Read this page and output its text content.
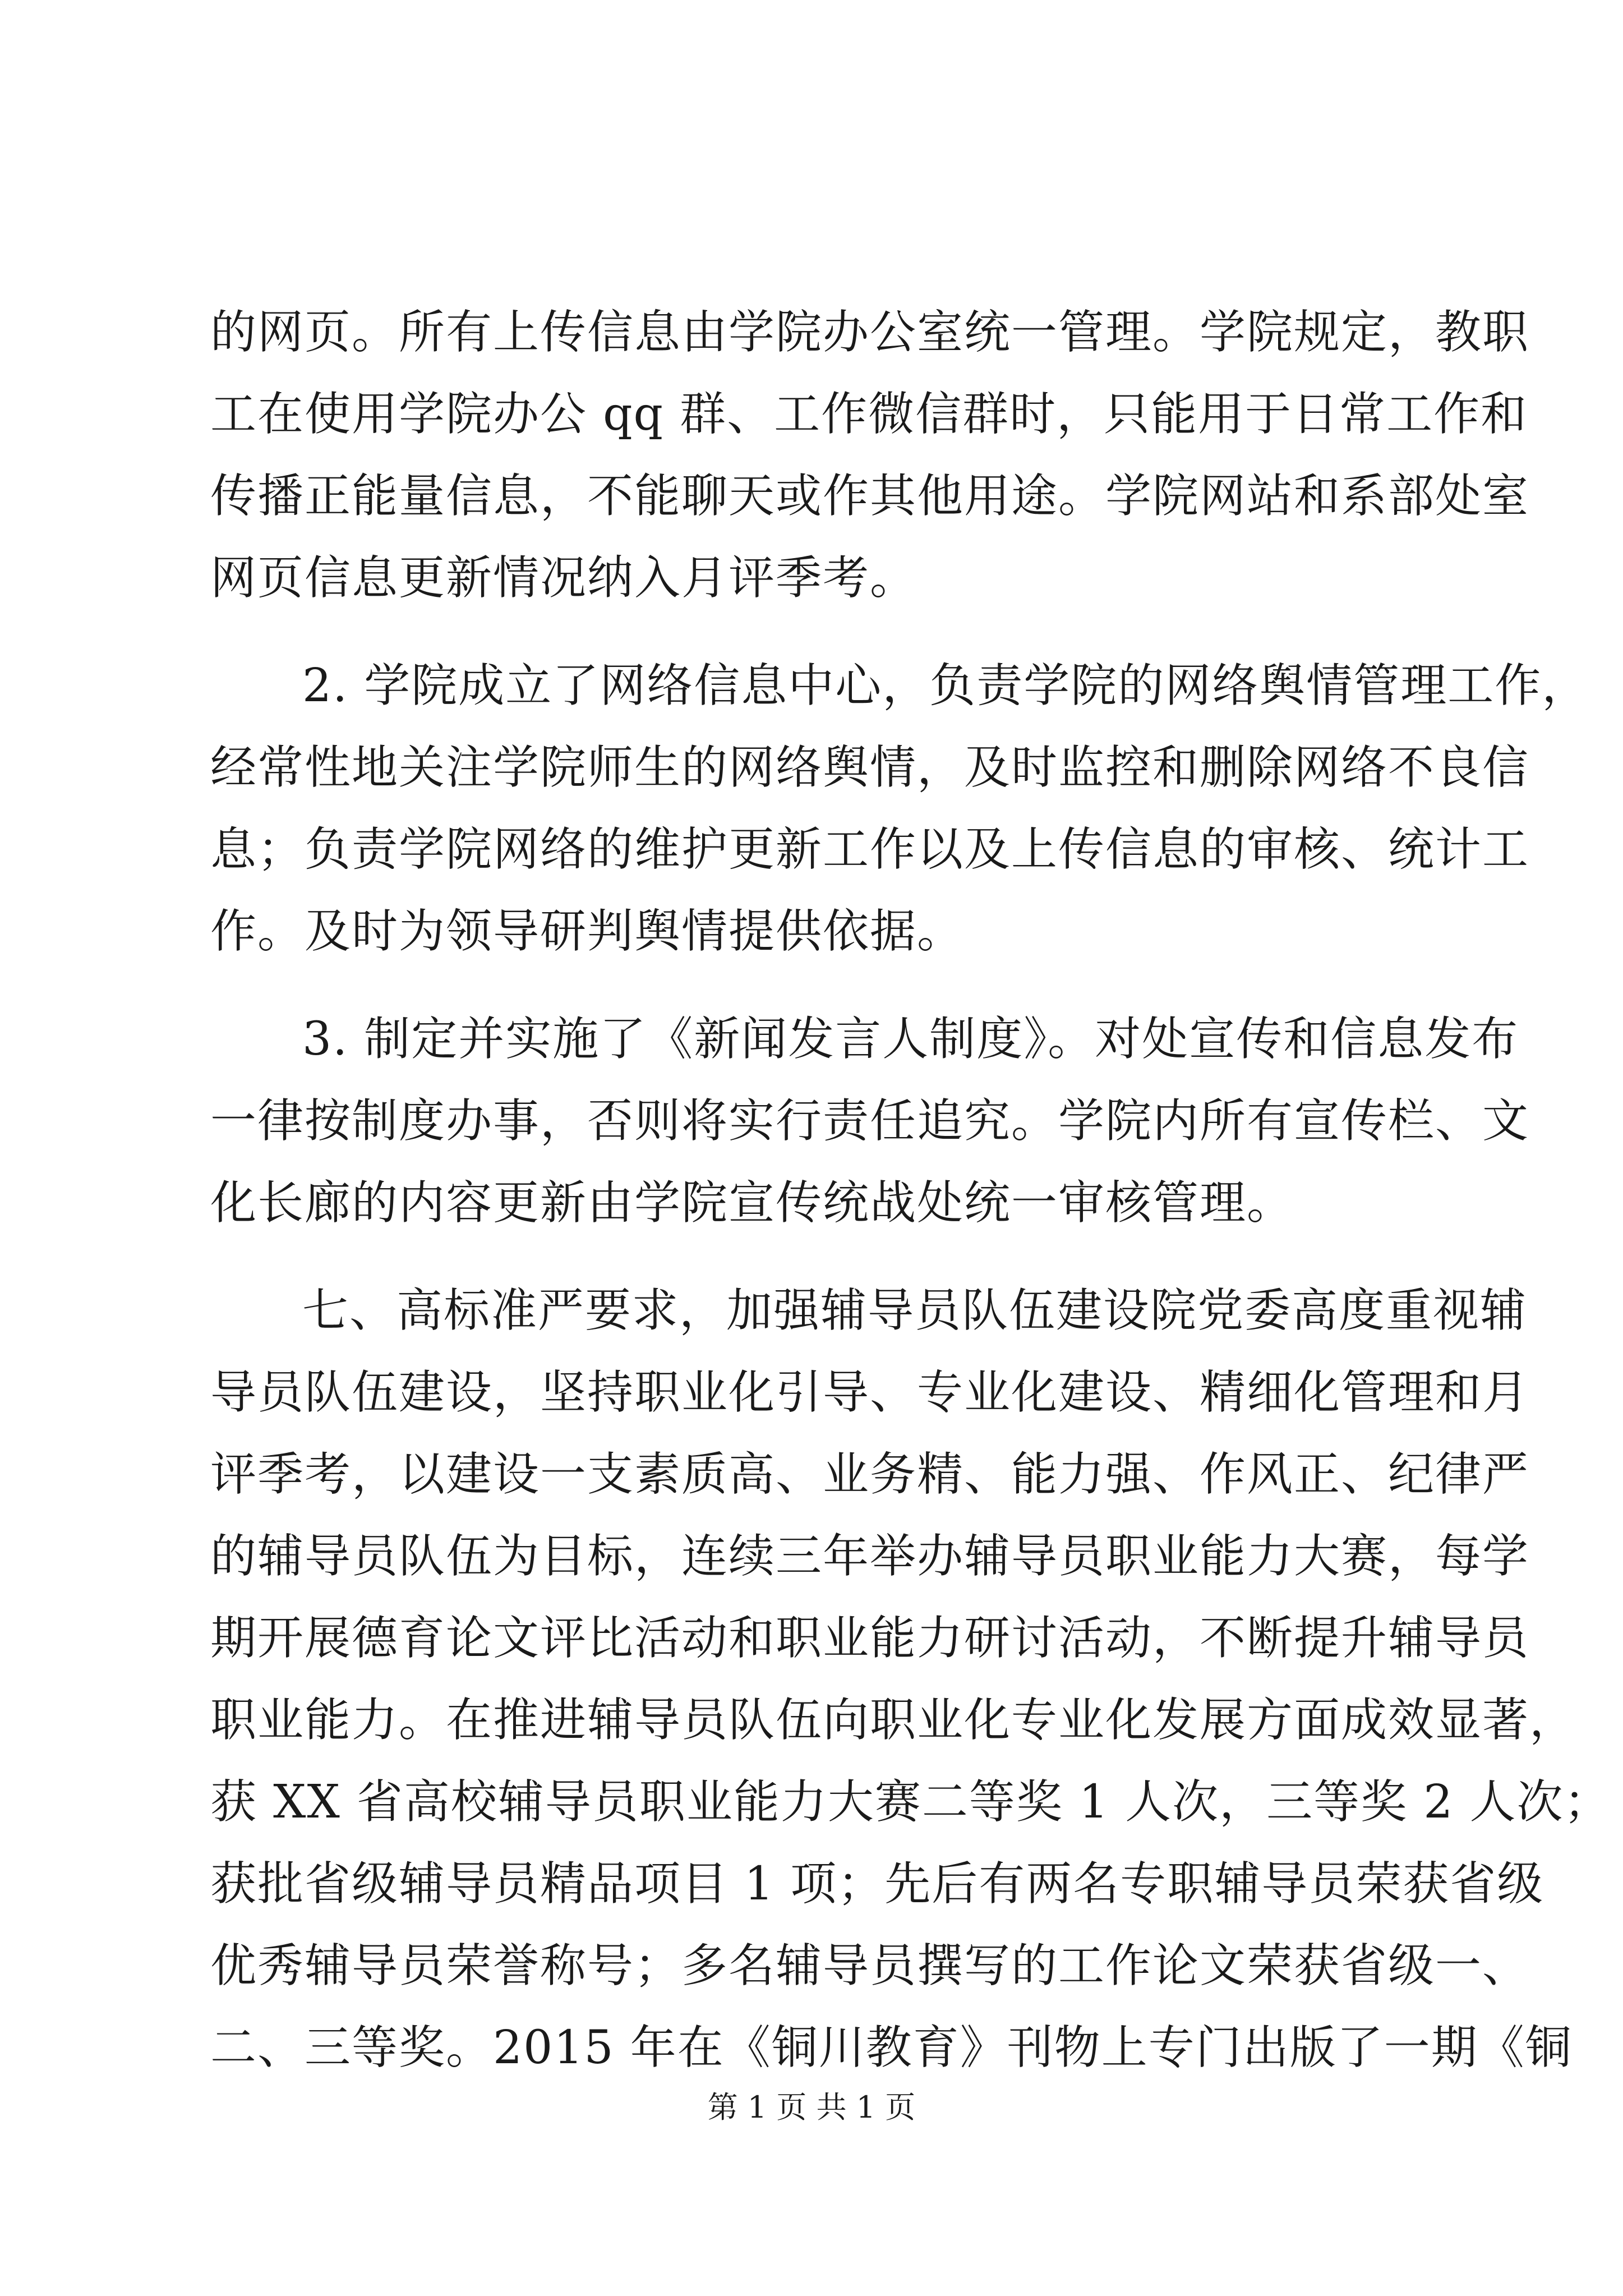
的网页。所有上传信息由学院办公室统一管理。学院规定，教职
工在使用学院办公 qq 群、工作微信群时，只能用于日常工作和
传播正能量信息，不能聊天或作其他用途。学院网站和系部处室
网页信息更新情况纳入月评季考。
2. 学院成立了网络信息中心，负责学院的网络舆情管理工作，
经常性地关注学院师生的网络舆情，及时监控和删除网络不良信
息；负责学院网络的维护更新工作以及上传信息的审核、统计工
作。及时为领导研判舆情提供依据。
3. 制定并实施了《新闻发言人制度》。对处宣传和信息发布
一律按制度办事，否则将实行责任追究。学院内所有宣传栏、文
化长廊的内容更新由学院宣传统战处统一审核管理。
七、高标准严要求，加强辅导员队伍建设院党委高度重视辅
导员队伍建设，坚持职业化引导、专业化建设、精细化管理和月
评季考，以建设一支素质高、业务精、能力强、作风正、纪律严
的辅导员队伍为目标，连续三年举办辅导员职业能力大赛，每学
期开展德育论文评比活动和职业能力研讨活动，不断提升辅导员
职业能力。在推进辅导员队伍向职业化专业化发展方面成效显著，
获 XX 省高校辅导员职业能力大赛二等奖 1 人次，三等奖 2 人次；
获批省级辅导员精品项目 1 项；先后有两名专职辅导员荣获省级
优秀辅导员荣誉称号；多名辅导员撰写的工作论文荣获省级一、
二、三等奖。2015 年在《铜川教育》刊物上专门出版了一期《铜
第 1 页 共 1 页
